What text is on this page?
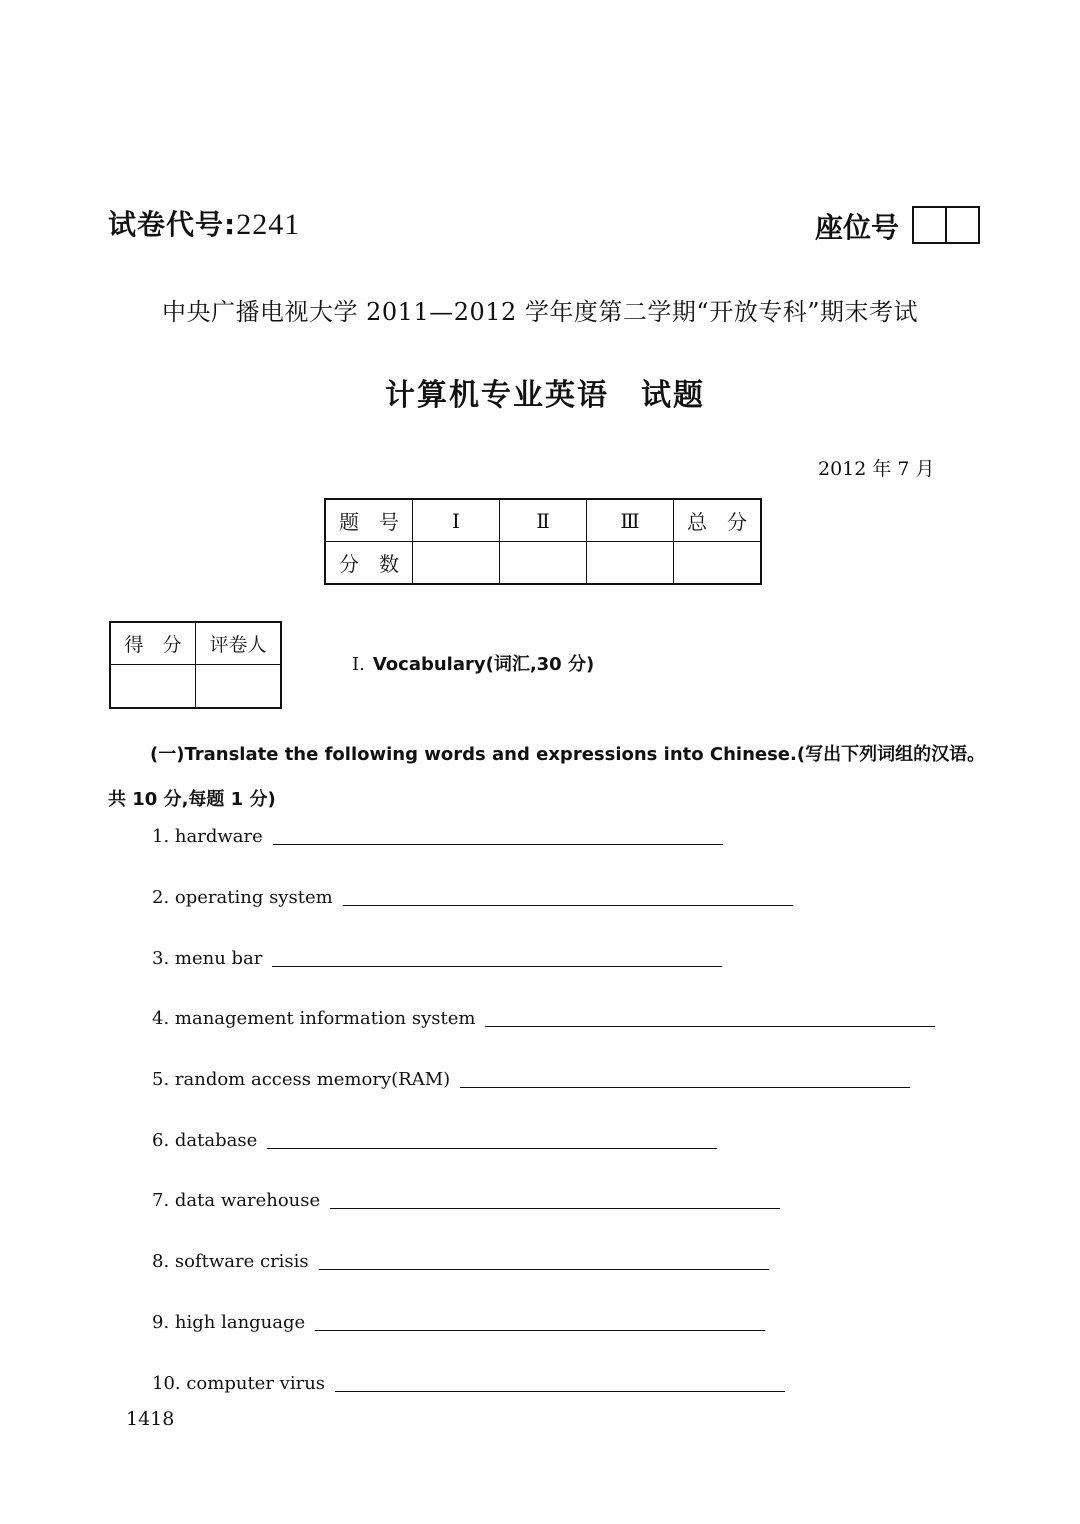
试卷代号:2241	座位号
中央广播电视大学 2011—2012 学年度第二学期“开放专科”期末考试
计算机专业英语　试题
2012 年 7 月
题　号	Ⅰ	Ⅱ	Ⅲ	总　分
分　数				
得　分	评卷人

Ⅰ. Vocabulary(词汇,30 分)
(一)Translate the following words and expressions into Chinese.(写出下列词组的汉语。
共 10 分,每题 1 分)
1. hardware
2. operating system
3. menu bar
4. management information system
5. random access memory(RAM)
6. database
7. data warehouse
8. software crisis
9. high language
10. computer virus
1418
